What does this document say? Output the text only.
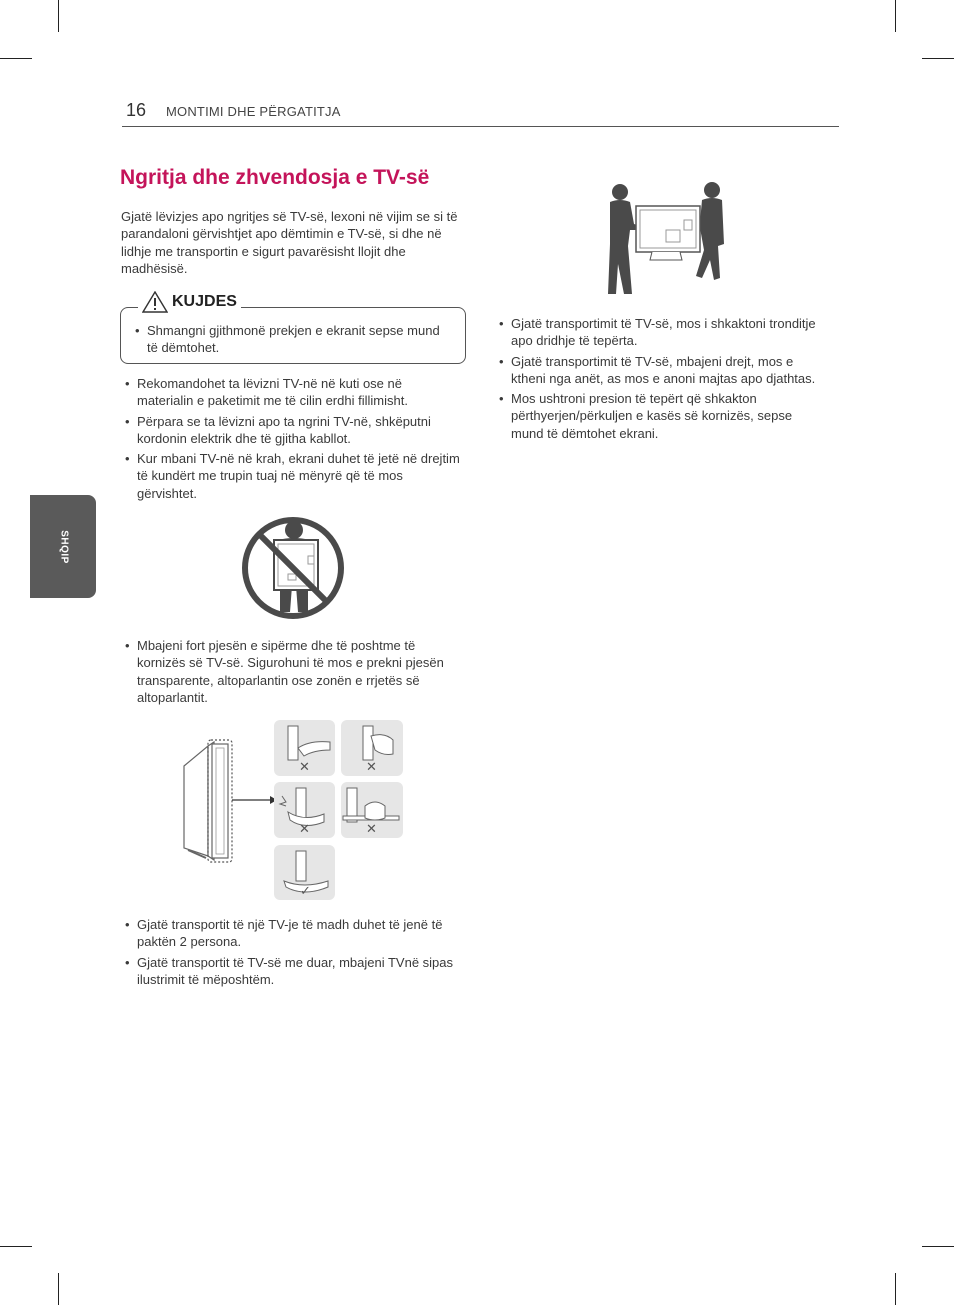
16 MONTIMI DHE PËRGATITJA
SHQIP
Ngritja dhe zhvendosja e TV-së
Gjatë lëvizjes apo ngritjes së TV-së, lexoni në vijim se si të parandaloni gërvishtjet apo dëmtimin e TV-së, si dhe në lidhje me transportin e sigurt pavarësisht llojit dhe madhësisë.
• Shmangni gjithmonë prekjen e ekranit sepse mund të dëmtohet.
KUJDES
• Rekomandohet ta lëvizni TV-në në kuti ose në materialin e paketimit me të cilin erdhi fillimisht.
• Përpara se ta lëvizni apo ta ngrini TV-në, shkëputni kordonin elektrik dhe të gjitha kabllot.
• Kur mbani TV-në në krah, ekrani duhet të jetë në drejtim të kundërt me trupin tuaj në mënyrë që të mos gërvishtet.
• Mbajeni fort pjesën e sipërme dhe të poshtme të kornizës së TV-së. Sigurohuni të mos e prekni pjesën transparente, altoparlantin ose zonën e rrjetës së altoparlantit.
✕	✕
✕	✕
✓
• Gjatë transportit të një TV-je të madh duhet të jenë të paktën 2 persona.
• Gjatë transportit të TV-së me duar, mbajeni TVnë sipas ilustrimit të mëposhtëm.
• Gjatë transportimit të TV-së, mos i shkaktoni tronditje apo dridhje të tepërta.
• Gjatë transportimit të TV-së, mbajeni drejt, mos e ktheni nga anët, as mos e anoni majtas apo djathtas.
• Mos ushtroni presion të tepërt që shkakton përthyerjen/përkuljen e kasës së kornizës, sepse mund të dëmtohet ekrani.
